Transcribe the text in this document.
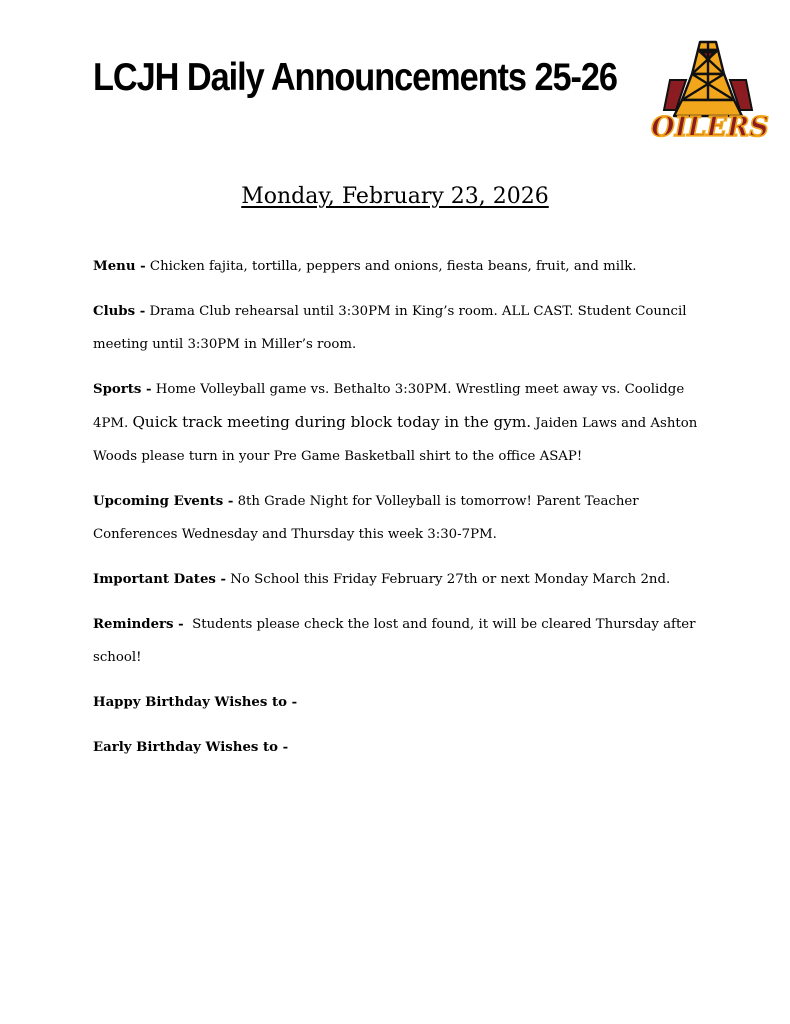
LCJH Daily Announcements 25-26
OILERS

Monday, February 23, 2026

Menu - Chicken fajita, tortilla, peppers and onions, fiesta beans, fruit, and milk.

Clubs - Drama Club rehearsal until 3:30PM in King’s room. ALL CAST. Student Council meeting until 3:30PM in Miller’s room.

Sports - Home Volleyball game vs. Bethalto 3:30PM. Wrestling meet away vs. Coolidge 4PM. Quick track meeting during block today in the gym. Jaiden Laws and Ashton Woods please turn in your Pre Game Basketball shirt to the office ASAP!

Upcoming Events - 8th Grade Night for Volleyball is tomorrow! Parent Teacher Conferences Wednesday and Thursday this week 3:30-7PM.

Important Dates - No School this Friday February 27th or next Monday March 2nd.

Reminders -  Students please check the lost and found, it will be cleared Thursday after school!

Happy Birthday Wishes to -

Early Birthday Wishes to -
